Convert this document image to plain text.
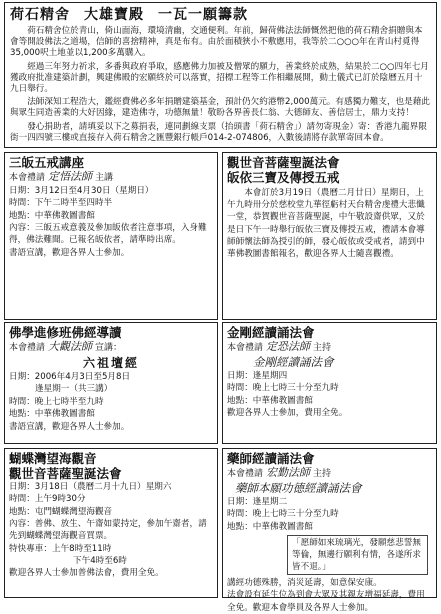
荷石精舍 大雄寶殿 一瓦一願籌款

荷石精舍位於青山，倚山面海，環境清幽，交通便利。年前，歸荷佛法法師慨然把他的荷石精舍捐贈與本會等開設佛法之道場，信師的喜捨精神，真是布有。由於面積狹小不敷應用，我等於二○○○年在青山村覓得35,000呎土地並以1,200多萬購入。

經過三年努力祈求，多番與政府爭取，感應佛力加被及僧眾的願力，善業終於成熟，結果於二○○四年七月獲政府批准建築計劃，興建佛殿的宏願終於可以落實，招標工程等工作相繼展開，動土儀式已訂於陰曆五月十九日舉行。

法師深知工程浩大，鑑經費佛必多年捐贈建築基金，預計仍欠約港幣2,000萬元。有感獨力難支，也是藉此與眾生同造善業的大好因緣，建造佛寺，功德無量！敬盼各界善長仁翁、大德師友、善信居士，鼎力支持！

發心捐助者，請填妥以下之募捐表，連同劃線支票（抬頭書「荷石精舍」）請勿寄現金）寄：香港九龍界限街一四四號三樓或直接存入荷石精舍之匯豐銀行帳戶014-2-074806，入數後請將存款單寄回本會。

三皈五戒講座
本會禮請 定悟法師 主講
日期：3月12日至4月30日（星期日）
時間：下午二時半至四時半
地點：中華佛教圖書館
內容：三皈五戒意義及參加皈依者注意事項，入身難得，佛法難聞。已報名皈依者，請準時出席。
書語宣講，歡迎各界人士參加。
觀世音菩薩聖誕法會
皈依三寶及傳授五戒
本會訂於3月19日（農曆二月廿日）星期日，上午九時卅分於慈校堂九華徑虧村天台精舍虔禮大悲懺一堂，恭賀觀世音菩薩聖誕，中午敬設齋供眾，又於是日下午一時舉行皈依三寶及傳授五戒，禮請本會導師師懷法師為授引的師，發心皈依或受戒者，請到中華佛教圖書館報名，歡迎各界人士隨喜觀禮。
佛學進修班佛經導讀
本會禮請 大觀法師 宣講：
六祖壇經
日期：2006年4月3日至5月8日
逢星期一（共三講）
時間：晚上七時半至九時
地點：中華佛教圖書館
書語宣講，歡迎各界人士參加。
金剛經讀誦法會
本會禮請 定恐法師 主持
金剛經讀誦法會
日期：逢星期四
時間：晚上七時三十分至九時
地點：中華佛教圖書館
歡迎各界人士參加，費用全免。
蝴蝶灣望海觀音
觀世音菩薩聖誕法會
日期：3月18日（農曆二月十九日）星期六
時間：上午9時30分
地點：屯門蝴蝶灣望海觀音
內容：普佛、放生、午齋如蒙持定，參加午齋者，請先到蝴蝶灣望海觀音買票。
特快專車：上午8時至11時
下午4時至6時
歡迎各界人士參加普佛法會，費用全免。
藥師經讀誦法會
本會禮請 宏勤法師 主持
藥師本願功德經讀誦法會
日期：逢星期二
時間：晚上七時三十分至九時
地點：中華佛教圖書館
「愿師如來琉璃光，發願慈悲誓無等倫，無邊行願利有情，各遂所求皆不退。」
講經功德殊勝，消災延壽，如意保安康。
法會設有延生位為到會大眾及其親友增福延壽，費用全免。歡迎本會學員及各界人士參加。
